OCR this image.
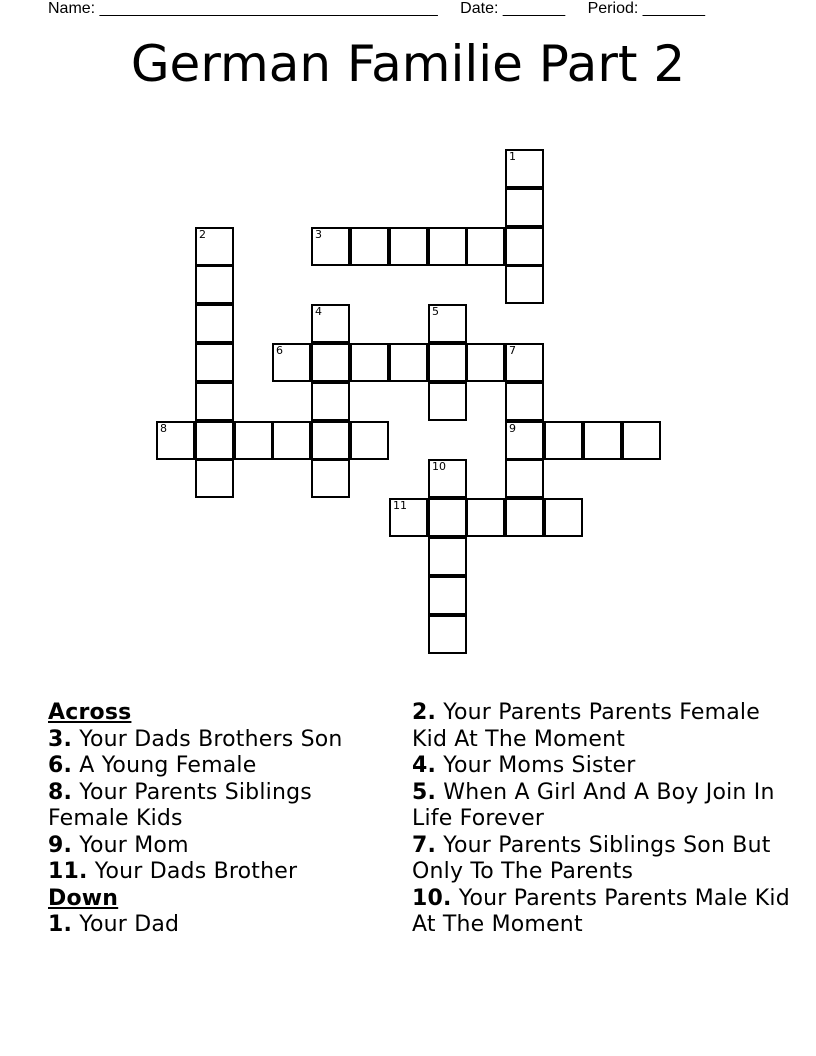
Name: ______________________________________ Date: _______ Period: _______
German Familie Part 2
1
2	3
4	5
6	7
9
8
10
11
Across
3. Your Dads Brothers Son
6. A Young Female
8. Your Parents Siblings Female Kids
9. Your Mom
11. Your Dads Brother
Down
1. Your Dad
2. Your Parents Parents Female Kid At The Moment
4. Your Moms Sister
5. When A Girl And A Boy Join In Life Forever
7. Your Parents Siblings Son But Only To The Parents
10. Your Parents Parents Male Kid At The Moment
